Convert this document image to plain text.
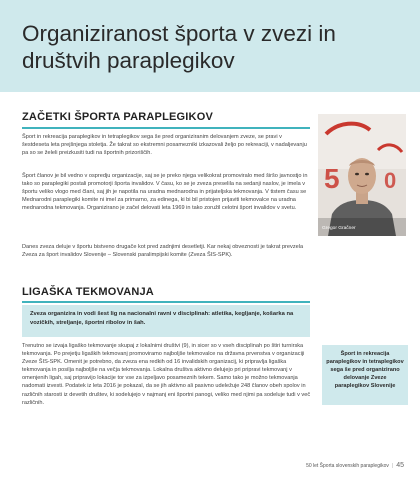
Organiziranost športa v zvezi in društvih paraplegikov
ZAČETKI ŠPORTA PARAPLEGIKOV

Šport in rekreacija paraplegikov in tetraplegikov sega še pred organiziranim delovanjem zveze, se pravi v šestdeseta leta prejšnjega stoletja. Že takrat so ekstremni posamezniki izkazovali željo po rekreaciji, v nadaljevanju pa so se želeli preizkusiti tudi na športnih prizoriščih.

Šport članov je bil vedno v ospredju organizacije, saj se je preko njega velikokrat promoviralo med širšo javnostjo in tako so paraplegiki postali promotorji športa invalidov. V času, ko se je zveza preselila na sedanji naslov, je imela v športu veliko vlogo med člani, saj jih je napotila na uradna mednarodna in prijateljska tekmovanja. V tistem času se Mednarodni paraplegiki komite ni imel za primarno, za edinega, ki bi bil pristojen prijaviti tekmovalce na uradna mednarodna tekmovanja. Organizirano je začel delovati leta 1969 in tako zoružil celotni šport invalidov v svetu.

Danes zveza deluje v športu bistveno drugače kot pred zadnjimi desetletji. Kar nekaj obveznosti je takrat prevzela Zveza za šport invalidov Slovenije – Slovenski paralimpijski komite (Zveza ŠIS-SPK).

5 0
Gregor Gračner
LIGAŠKA TEKMOVANJA

Zveza organizira in vodi šest lig na nacionalni ravni v disciplinah: atletika, kegljanje, košarka na vozičkih, streljanje, športni ribolov in šah.

Trenutno se izvaja ligaško tekmovanje skupaj z lokalnimi društvi (9), in sicer so v vseh disciplinah po štiri turnirska tekmovanja. Po prejetju ligaških tekmovanj promoviramo najboljše tekmovalce na državna prvenstva v organizaciji Zveze ŠIS-SPK. Omenit je potrebno, da zveza ena redkih od 16 invalidskih organizacij, ki pripravlja ligaška tekmovanja in posilja najboljše na večja tekmovanja. Lokalna društva aktivno delujejo pri pripravi tekmovanj v omenjenih ligah, saj pripravijo lokacije tor vse za izpeljavo posameznih tekem. Samo tako je možno tekmovanja nadomati izvesti. Podatek iz leta 2016 je pokazal, da se jih aktivno ali pasivno udeležuje 248 članov obeh spolov in različnih starosti iz devetih društev, ki sodelujejo v najmanj eni športni panogi, veliko med njimi pa sodeluje tudi v več različnih.

Šport in rekreacija paraplegikov in tetraplegikov sega še pred organizirano delovanje Zveze paraplegikov Slovenije

50 let Športa slovenskih paraplegikov | 45
